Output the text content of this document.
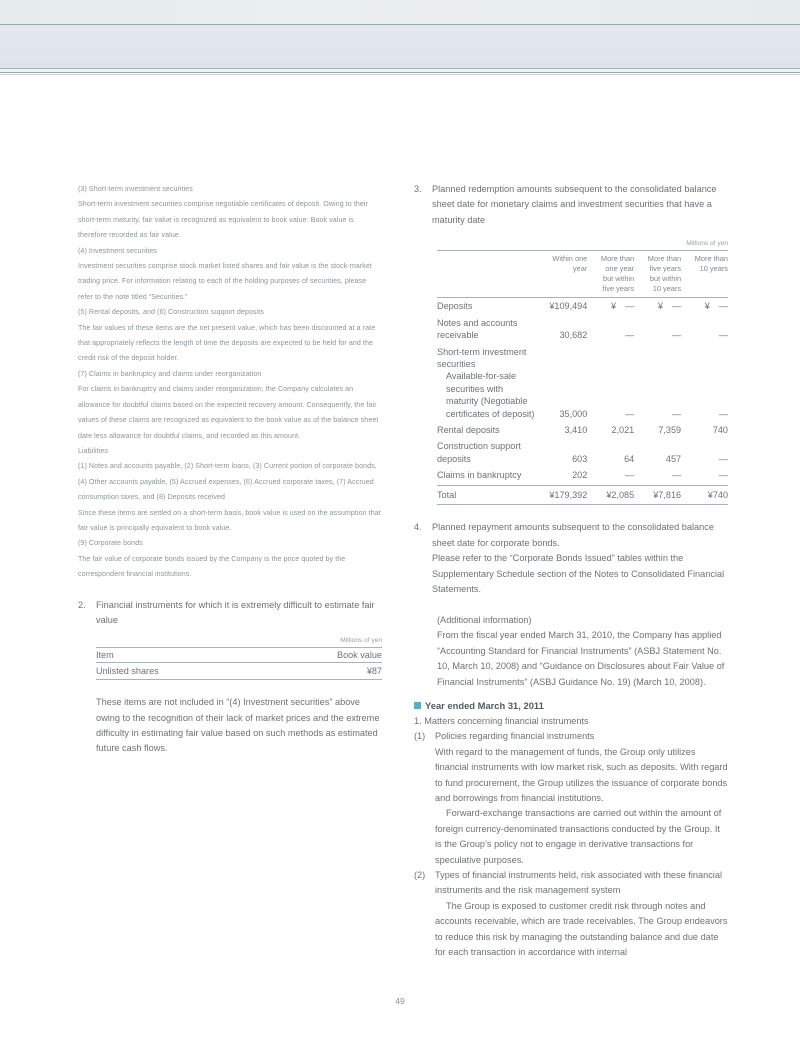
(3) Short-term investment securities

Short-term investment securities comprise negotiable certificates of deposit. Owing to their short-term maturity, fair value is recognized as equivalent to book value. Book value is therefore recorded as fair value.

(4) Investment securities

Investment securities comprise stock market listed shares and fair value is the stock-market trading price. For information relating to each of the holding purposes of securities, please refer to the note titled “Securities.”

(5) Rental deposits, and (6) Construction support deposits

The fair values of these items are the net present value, which has been discounted at a rate that appropriately reflects the length of time the deposits are expected to be held for and the credit risk of the deposit holder.

(7) Claims in bankruptcy and claims under reorganization

For claims in bankruptcy and claims under reorganization, the Company calculates an allowance for doubtful claims based on the expected recovery amount. Consequently, the fair values of these claims are recognized as equivalent to the book value as of the balance sheet date less allowance for doubtful claims, and recorded as this amount.

Liabilities

(1) Notes and accounts payable, (2) Short-term loans, (3) Current portion of corporate bonds, (4) Other accounts payable, (5) Accrued expenses, (6) Accrued corporate taxes, (7) Accrued consumption taxes, and (8) Deposits received

Since these items are settled on a short-term basis, book value is used on the assumption that fair value is principally equivalent to book value.

(9) Corporate bonds

The fair value of corporate bonds issued by the Company is the price quoted by the correspondent financial institutions.

2.	Financial instruments for which it is extremely difficult to estimate fair value
Millions of yen
Item	Book value
Unlisted shares	¥87

These items are not included in “(4) Investment securities” above owing to the recognition of their lack of market prices and the extreme difficulty in estimating fair value based on such methods as estimated future cash flows.

3.	Planned redemption amounts subsequent to the consolidated balance sheet date for monetary claims and investment securities that have a maturity date
Millions of yen
	Within one
year	More than
one year
but within
five years	More than
five years
but within
10 years	More than
10 years
Deposits	¥109,494	¥ —	¥ —	¥ —
Notes and accounts receivable	30,682	—	—	—
Short-term investment securities
Available-for-sale securities with maturity (Negotiable certificates of deposit)	35,000	—	—	—
Rental deposits	3,410	2,021	7,359	740
Construction support deposits	603	64	457	—
Claims in bankruptcy	202	—	—	—
Total	¥179,392	¥2,085	¥7,816	¥740
4.	Planned repayment amounts subsequent to the consolidated balance sheet date for corporate bonds.

Please refer to the “Corporate Bonds Issued” tables within the Supplementary Schedule section of the Notes to Consolidated Financial Statements.

(Additional information)

From the fiscal year ended March 31, 2010, the Company has applied “Accounting Standard for Financial Instruments” (ASBJ Statement No. 10, March 10, 2008) and “Guidance on Disclosures about Fair Value of Financial Instruments” (ASBJ Guidance No. 19) (March 10, 2008).

Year ended March 31, 2011
1. Matters concerning financial instruments
(1)	Policies regarding financial instruments

With regard to the management of funds, the Group only utilizes financial instruments with low market risk, such as deposits. With regard to fund procurement, the Group utilizes the issuance of corporate bonds and borrowings from financial institutions.

Forward-exchange transactions are carried out within the amount of foreign currency-denominated transactions conducted by the Group. It is the Group’s policy not to engage in derivative transactions for speculative purposes.

(2)	Types of financial instruments held, risk associated with these financial instruments and the risk management system

The Group is exposed to customer credit risk through notes and accounts receivable, which are trade receivables. The Group endeavors to reduce this risk by managing the outstanding balance and due date for each transaction in accordance with internal

49
